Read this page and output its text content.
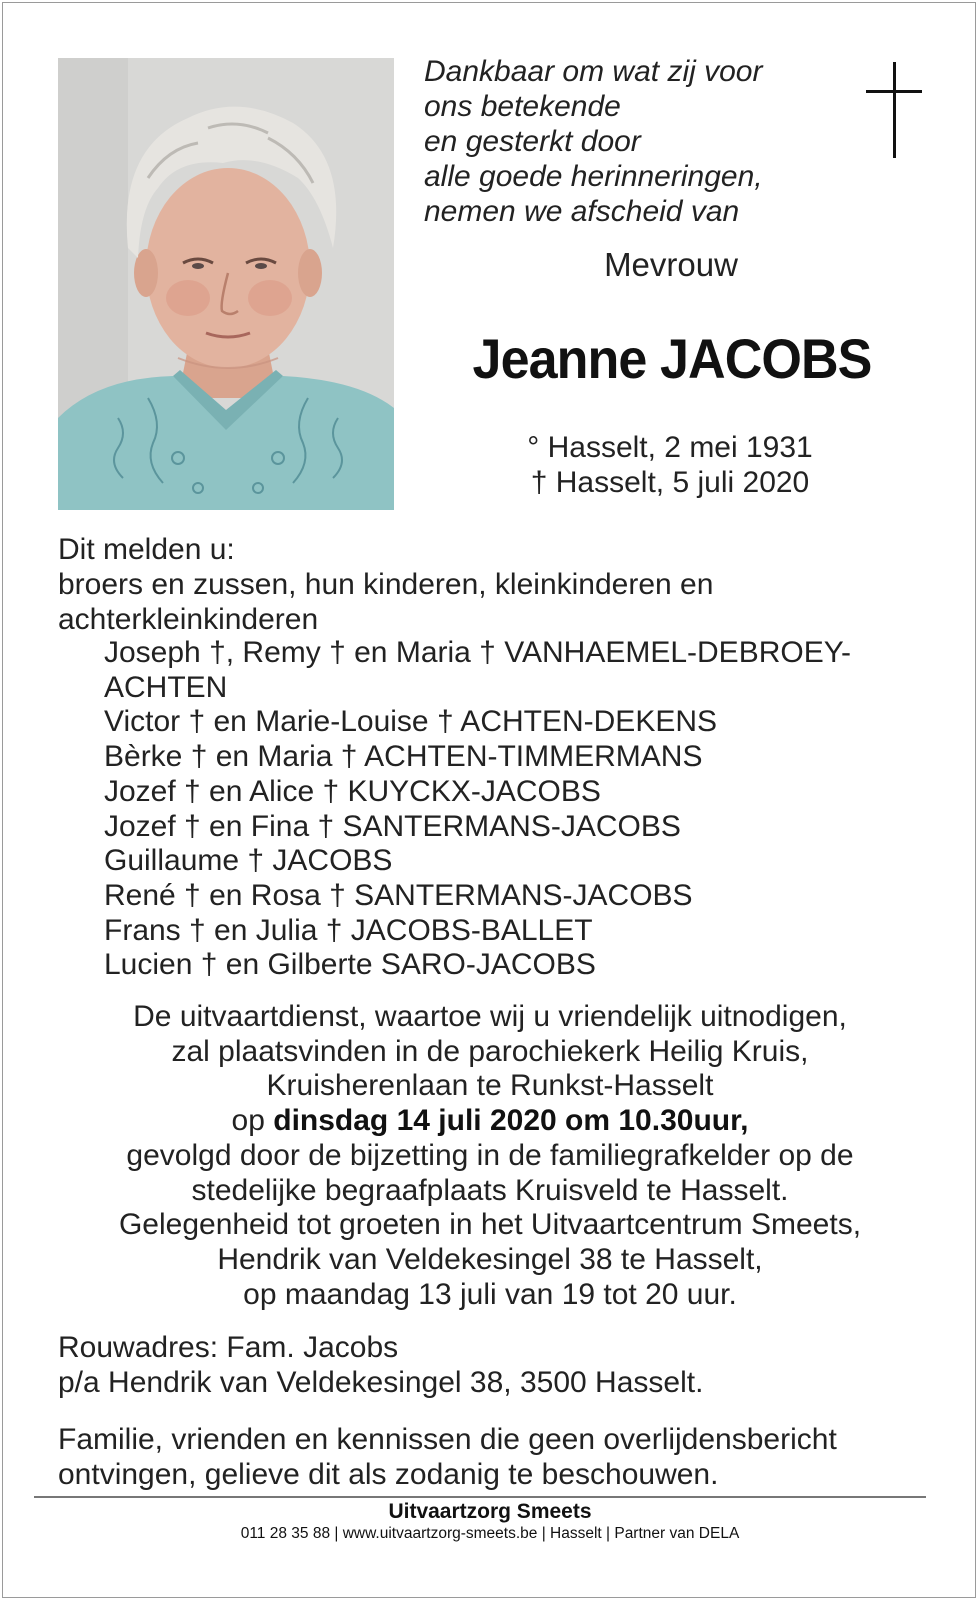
Dankbaar om wat zij voor
ons betekende
en gesterkt door
alle goede herinneringen,
nemen we afscheid van
Mevrouw
Jeanne JACOBS
° Hasselt, 2 mei 1931
† Hasselt, 5 juli 2020
Dit melden u:
broers en zussen, hun kinderen, kleinkinderen en
achterkleinkinderen
Joseph †, Remy † en Maria † VANHAEMEL-DEBROEY-
ACHTEN
Victor † en Marie-Louise † ACHTEN-DEKENS
Bèrke † en Maria † ACHTEN-TIMMERMANS
Jozef † en Alice † KUYCKX-JACOBS
Jozef † en Fina † SANTERMANS-JACOBS
Guillaume † JACOBS
René † en Rosa † SANTERMANS-JACOBS
Frans † en Julia † JACOBS-BALLET
Lucien † en Gilberte SARO-JACOBS
De uitvaartdienst, waartoe wij u vriendelijk uitnodigen,
zal plaatsvinden in de parochiekerk Heilig Kruis,
Kruisherenlaan te Runkst-Hasselt
op dinsdag 14 juli 2020 om 10.30uur,
gevolgd door de bijzetting in de familiegrafkelder op de
stedelijke begraafplaats Kruisveld te Hasselt.
Gelegenheid tot groeten in het Uitvaartcentrum Smeets,
Hendrik van Veldekesingel 38 te Hasselt,
op maandag 13 juli van 19 tot 20 uur.
Rouwadres: Fam. Jacobs
p/a Hendrik van Veldekesingel 38, 3500 Hasselt.
Familie, vrienden en kennissen die geen overlijdensbericht
ontvingen, gelieve dit als zodanig te beschouwen.
Uitvaartzorg Smeets
011 28 35 88 | www.uitvaartzorg-smeets.be | Hasselt | Partner van DELA
